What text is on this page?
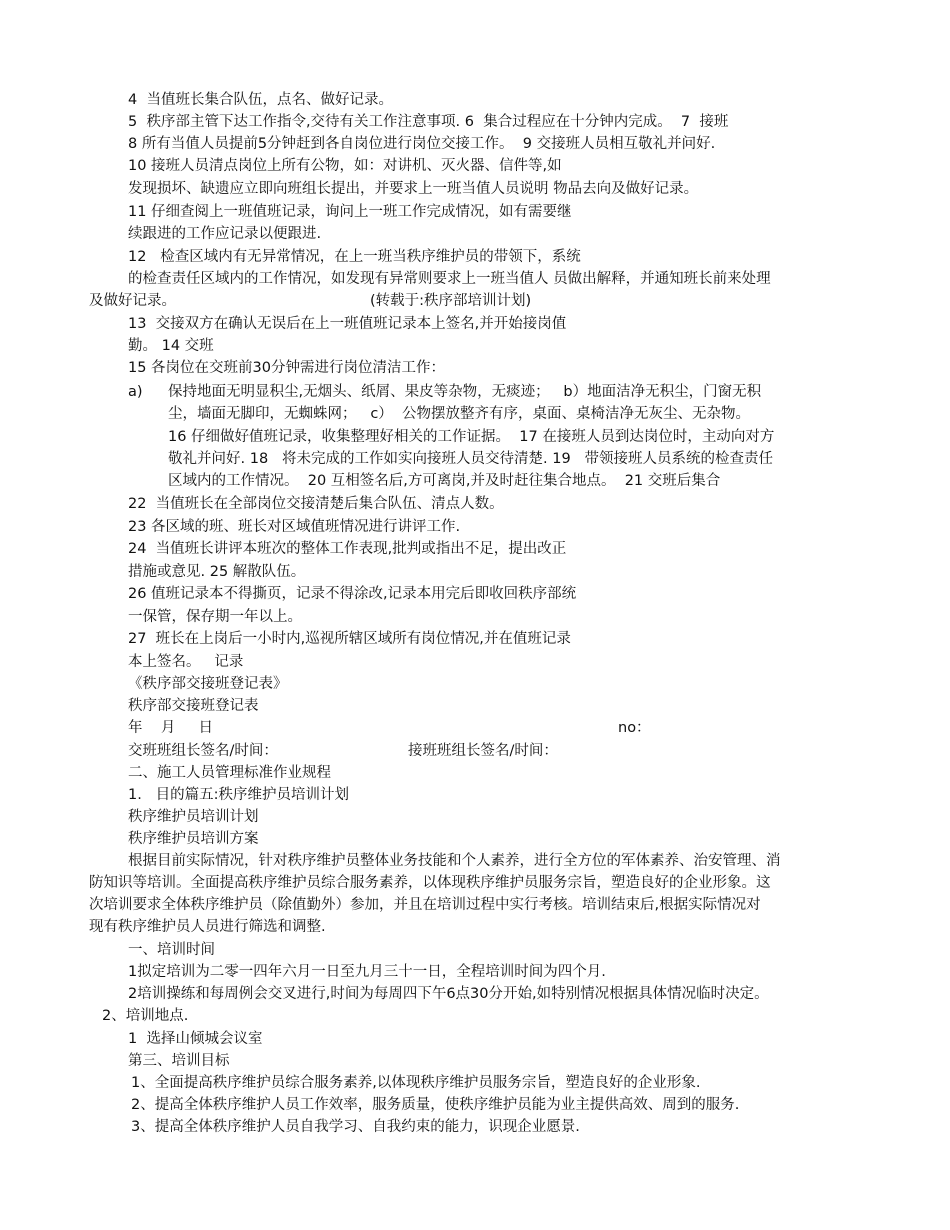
4  当值班长集合队伍，点名、做好记录。
5  秩序部主管下达工作指令,交待有关工作注意事项. 6  集合过程应在十分钟内完成。  7  接班
8 所有当值人员提前5分钟赶到各自岗位进行岗位交接工作。  9 交接班人员相互敬礼并问好.
10 接班人员清点岗位上所有公物，如：对讲机、灭火器、信件等,如
发现损坏、缺遗应立即向班组长提出，并要求上一班当值人员说明 物品去向及做好记录。
11 仔细查阅上一班值班记录，询问上一班工作完成情况，如有需要继
续跟进的工作应记录以便跟进.
12   检查区域内有无异常情况，在上一班当秩序维护员的带领下，系统
的检查责任区域内的工作情况，如发现有异常则要求上一班当值人 员做出解释，并通知班长前来处理
及做好记录。	(转载于:秩序部培训计划)
13  交接双方在确认无误后在上一班值班记录本上签名,并开始接岗值
勤。 14 交班
15 各岗位在交班前30分钟需进行岗位清洁工作：
a) 保持地面无明显积尘,无烟头、纸屑、果皮等杂物，无痰迹；   b）地面洁净无积尘，门窗无积
尘，墙面无脚印，无蜘蛛网；   c）  公物摆放整齐有序，桌面、桌椅洁净无灰尘、无杂物。
16 仔细做好值班记录，收集整理好相关的工作证据。  17 在接班人员到达岗位时，主动向对方
敬礼并问好. 18   将未完成的工作如实向接班人员交待清楚. 19   带领接班人员系统的检查责任
区域内的工作情况。  20 互相签名后,方可离岗,并及时赶往集合地点。  21 交班后集合
22  当值班长在全部岗位交接清楚后集合队伍、清点人数。
23 各区域的班、班长对区域值班情况进行讲评工作.
24  当值班长讲评本班次的整体工作表现,批判或指出不足，提出改正
措施或意见. 25 解散队伍。
26 值班记录本不得撕页，记录不得涂改,记录本用完后即收回秩序部统
一保管，保存期一年以上。
27  班长在上岗后一小时内,巡视所辖区域所有岗位情况,并在值班记录
本上签名。   记录
《秩序部交接班登记表》
秩序部交接班登记表
年    月     日	no：
交班班组长签名/时间：	接班班组长签名/时间：
二、施工人员管理标准作业规程
1.   目的篇五:秩序维护员培训计划
秩序维护员培训计划
秩序维护员培训方案
根据目前实际情况，针对秩序维护员整体业务技能和个人素养，进行全方位的军体素养、治安管理、消
防知识等培训。全面提高秩序维护员综合服务素养，以体现秩序维护员服务宗旨，塑造良好的企业形象。这
次培训要求全体秩序维护员（除值勤外）参加，并且在培训过程中实行考核。培训结束后,根据实际情况对
现有秩序维护员人员进行筛选和调整.
一、培训时间
1拟定培训为二零一四年六月一日至九月三十一日，全程培训时间为四个月.
2培训操练和每周例会交叉进行,时间为每周四下午6点30分开始,如特别情况根据具体情况临时决定。
2、培训地点.
1  选择山倾城会议室
第三、培训目标
1、全面提高秩序维护员综合服务素养,以体现秩序维护员服务宗旨，塑造良好的企业形象.
2、提高全体秩序维护人员工作效率，服务质量，使秩序维护员能为业主提供高效、周到的服务.
3、提高全体秩序维护人员自我学习、自我约束的能力，识现企业愿景.
